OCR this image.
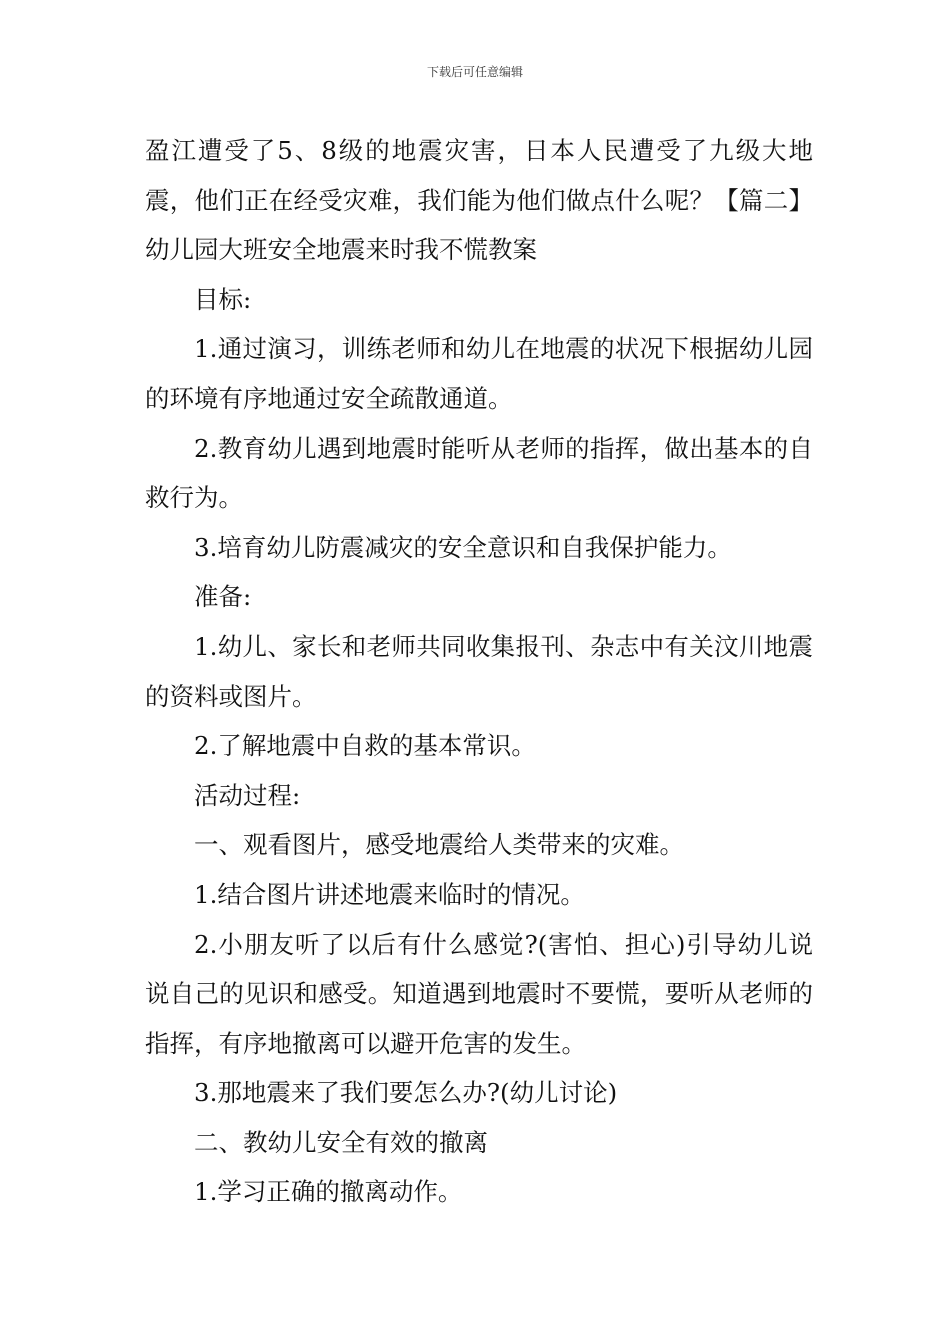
下载后可任意编辑

盈江遭受了5、8级的地震灾害，日本人民遭受了九级大地震，他们正在经受灾难，我们能为他们做点什么呢？【篇二】幼儿园大班安全地震来时我不慌教案

目标:

1.通过演习，训练老师和幼儿在地震的状况下根据幼儿园的环境有序地通过安全疏散通道。

2.教育幼儿遇到地震时能听从老师的指挥，做出基本的自救行为。

3.培育幼儿防震减灾的安全意识和自我保护能力。

准备:

1.幼儿、家长和老师共同收集报刊、杂志中有关汶川地震的资料或图片。

2.了解地震中自救的基本常识。

活动过程:

一、观看图片，感受地震给人类带来的灾难。

1.结合图片讲述地震来临时的情况。

2.小朋友听了以后有什么感觉?(害怕、担心)引导幼儿说说自己的见识和感受。知道遇到地震时不要慌，要听从老师的指挥，有序地撤离可以避开危害的发生。

3.那地震来了我们要怎么办?(幼儿讨论)

二、教幼儿安全有效的撤离

1.学习正确的撤离动作。
